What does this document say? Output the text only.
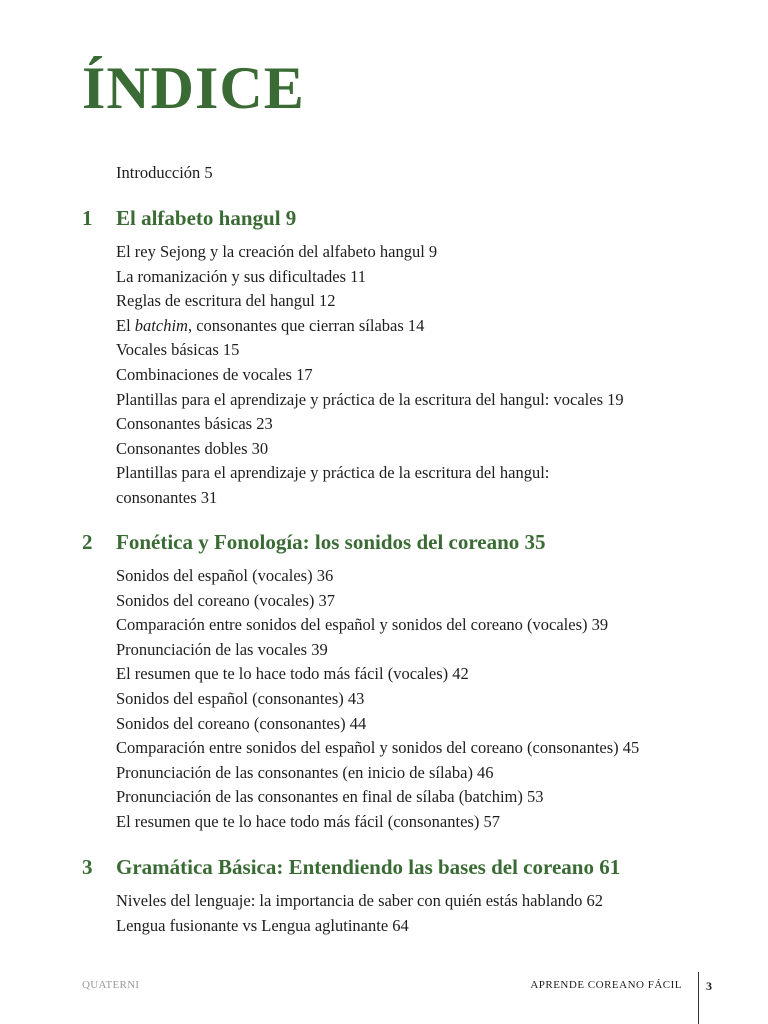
ÍNDICE
Introducción 5
1 El alfabeto hangul 9
El rey Sejong y la creación del alfabeto hangul 9
La romanización y sus dificultades 11
Reglas de escritura del hangul 12
El batchim, consonantes que cierran sílabas 14
Vocales básicas 15
Combinaciones de vocales 17
Plantillas para el aprendizaje y práctica de la escritura del hangul: vocales 19
Consonantes básicas 23
Consonantes dobles 30
Plantillas para el aprendizaje y práctica de la escritura del hangul: consonantes 31
2 Fonética y Fonología: los sonidos del coreano 35
Sonidos del español (vocales) 36
Sonidos del coreano (vocales) 37
Comparación entre sonidos del español y sonidos del coreano (vocales) 39
Pronunciación de las vocales 39
El resumen que te lo hace todo más fácil (vocales) 42
Sonidos del español (consonantes) 43
Sonidos del coreano (consonantes) 44
Comparación entre sonidos del español y sonidos del coreano (consonantes) 45
Pronunciación de las consonantes (en inicio de sílaba) 46
Pronunciación de las consonantes en final de sílaba (batchim) 53
El resumen que te lo hace todo más fácil (consonantes) 57
3 Gramática Básica: Entendiendo las bases del coreano 61
Niveles del lenguaje: la importancia de saber con quién estás hablando 62
Lengua fusionante vs Lengua aglutinante 64
QUATERNI	APRENDE COREANO FÁCIL 3
